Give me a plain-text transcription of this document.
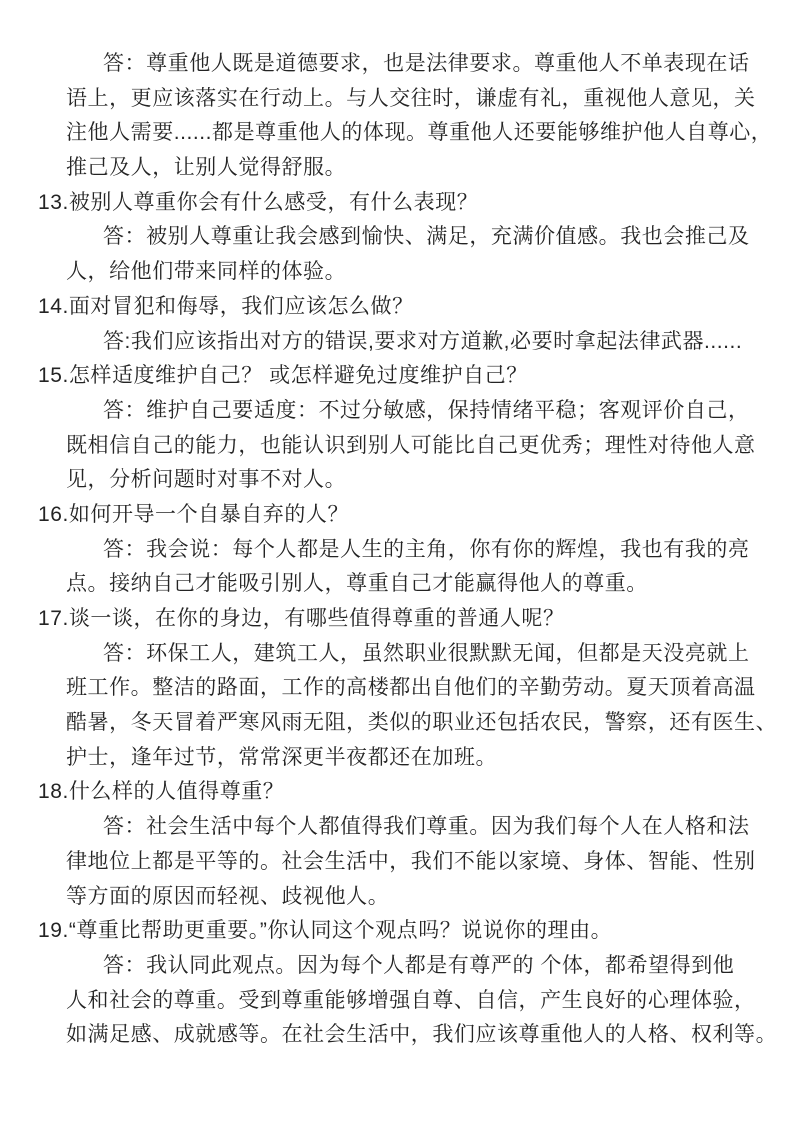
答：尊重他人既是道德要求，也是法律要求。尊重他人不单表现在话
语上，更应该落实在行动上。与人交往时，谦虚有礼，重视他人意见，关
注他人需要......都是尊重他人的体现。尊重他人还要能够维护他人自尊心，
推己及人，让别人觉得舒服。
13.被别人尊重你会有什么感受，有什么表现？
答：被别人尊重让我会感到愉快、满足，充满价值感。我也会推己及
人，给他们带来同样的体验。
14.面对冒犯和侮辱，我们应该怎么做？
答:我们应该指出对方的错误,要求对方道歉,必要时拿起法律武器......
15.怎样适度维护自己？ 或怎样避免过度维护自己？
答：维护自己要适度：不过分敏感，保持情绪平稳；客观评价自己，
既相信自己的能力，也能认识到别人可能比自己更优秀；理性对待他人意
见，分析问题时对事不对人。
16.如何开导一个自暴自弃的人？
答：我会说：每个人都是人生的主角，你有你的辉煌，我也有我的亮
点。接纳自己才能吸引别人，尊重自己才能赢得他人的尊重。
17.谈一谈，在你的身边，有哪些值得尊重的普通人呢？
答：环保工人，建筑工人，虽然职业很默默无闻，但都是天没亮就上
班工作。整洁的路面，工作的高楼都出自他们的辛勤劳动。夏天顶着高温
酷暑，冬天冒着严寒风雨无阻，类似的职业还包括农民，警察，还有医生、
护士，逢年过节，常常深更半夜都还在加班。
18.什么样的人值得尊重？
答：社会生活中每个人都值得我们尊重。因为我们每个人在人格和法
律地位上都是平等的。社会生活中，我们不能以家境、身体、智能、性别
等方面的原因而轻视、歧视他人。
19.“尊重比帮助更重要。”你认同这个观点吗？说说你的理由。
答：我认同此观点。因为每个人都是有尊严的 个体，都希望得到他
人和社会的尊重。受到尊重能够增强自尊、自信，产生良好的心理体验，
如满足感、成就感等。在社会生活中，我们应该尊重他人的人格、权利等。
